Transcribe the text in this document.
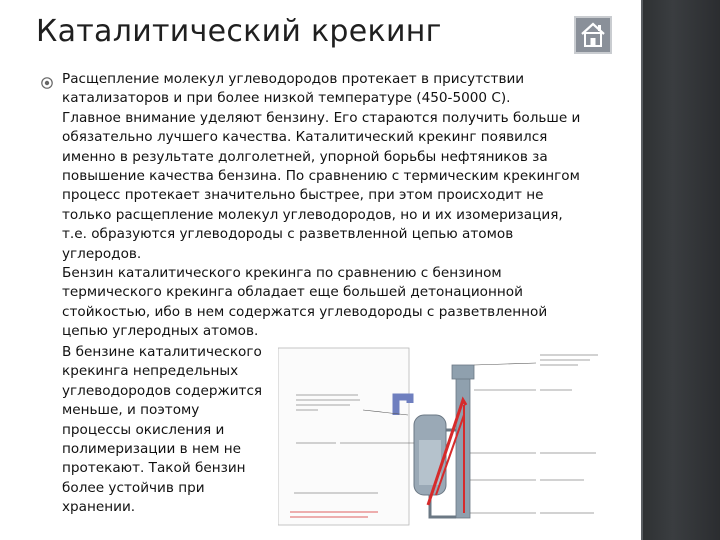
Каталитический крекинг

Расщепление молекул углеводородов протекает в присутствии
катализаторов и при более низкой температуре (450-5000 С).
Главное внимание уделяют бензину. Его стараются получить больше и
обязательно лучшего качества. Каталитический крекинг появился
именно в результате долголетней, упорной борьбы нефтяников за
повышение качества бензина. По сравнению с термическим крекингом
процесс протекает значительно быстрее, при этом происходит не
только расщепление молекул углеводородов, но и их изомеризация,
т.е. образуются углеводороды с разветвленной цепью атомов
углеродов.

Бензин каталитического крекинга по сравнению с бензином
термического крекинга обладает еще большей детонационной
стойкостью, ибо в нем содержатся углеводороды с разветвленной
цепью углеродных атомов.

В бензине каталитического
крекинга непредельных
углеводородов содержится
меньше, и поэтому
процессы окисления и
полимеризации в нем не
протекают. Такой бензин
более устойчив при
хранении.
